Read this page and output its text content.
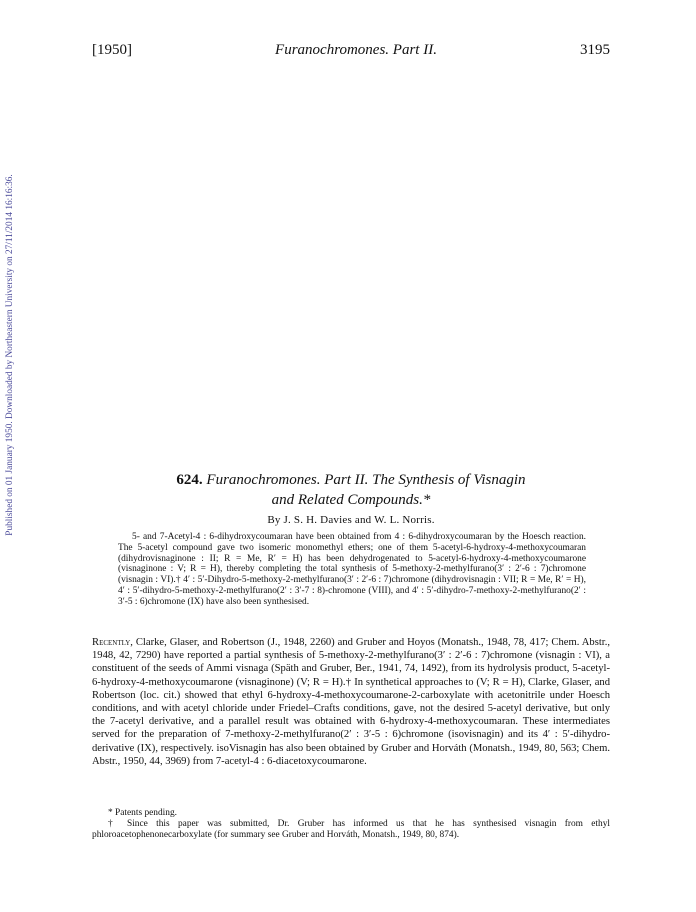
Published on 01 January 1950. Downloaded by Northeastern University on 27/11/2014 16:16:36.
[1950]	Furanochromones. Part II.	3195
624. Furanochromones. Part II. The Synthesis of Visnagin
and Related Compounds.*
By J. S. H. Davies and W. L. Norris.

5- and 7-Acetyl-4 : 6-dihydroxycoumaran have been obtained from 4 : 6-dihydroxycoumaran by the Hoesch reaction. The 5-acetyl compound gave two isomeric monomethyl ethers; one of them 5-acetyl-6-hydroxy-4-methoxycoumaran (dihydrovisnaginone : II; R = Me, R′ = H) has been dehydrogenated to 5-acetyl-6-hydroxy-4-methoxycoumarone (visnaginone : V; R = H), thereby completing the total synthesis of 5-methoxy-2-methylfurano(3′ : 2′-6 : 7)chromone (visnagin : VI).† 4′ : 5′-Dihydro-5-methoxy-2-methylfurano(3′ : 2′-6 : 7)chromone (dihydrovisnagin : VII; R = Me, R′ = H), 4′ : 5′-dihydro-5-methoxy-2-methylfurano(2′ : 3′-7 : 8)-chromone (VIII), and 4′ : 5′-dihydro-7-methoxy-2-methylfurano(2′ : 3′-5 : 6)chromone (IX) have also been synthesised.

Recently, Clarke, Glaser, and Robertson (J., 1948, 2260) and Gruber and Hoyos (Monatsh., 1948, 78, 417; Chem. Abstr., 1948, 42, 7290) have reported a partial synthesis of 5-methoxy-2-methylfurano(3′ : 2′-6 : 7)chromone (visnagin : VI), a constituent of the seeds of Ammi visnaga (Späth and Gruber, Ber., 1941, 74, 1492), from its hydrolysis product, 5-acetyl-6-hydroxy-4-methoxycoumarone (visnaginone) (V; R = H).† In synthetical approaches to (V; R = H), Clarke, Glaser, and Robertson (loc. cit.) showed that ethyl 6-hydroxy-4-methoxycoumarone-2-carboxylate with acetonitrile under Hoesch conditions, and with acetyl chloride under Friedel–Crafts conditions, gave, not the desired 5-acetyl derivative, but only the 7-acetyl derivative, and a parallel result was obtained with 6-hydroxy-4-methoxycoumaran. These intermediates served for the preparation of 7-methoxy-2-methylfurano(2′ : 3′-5 : 6)chromone (isovisnagin) and its 4′ : 5′-dihydro-derivative (IX), respectively. isoVisnagin has also been obtained by Gruber and Horváth (Monatsh., 1949, 80, 563; Chem. Abstr., 1950, 44, 3969) from 7-acetyl-4 : 6-diacetoxycoumarone.

* Patents pending.

† Since this paper was submitted, Dr. Gruber has informed us that he has synthesised visnagin from ethyl phloroacetophenonecarboxylate (for summary see Gruber and Horváth, Monatsh., 1949, 80, 874).
